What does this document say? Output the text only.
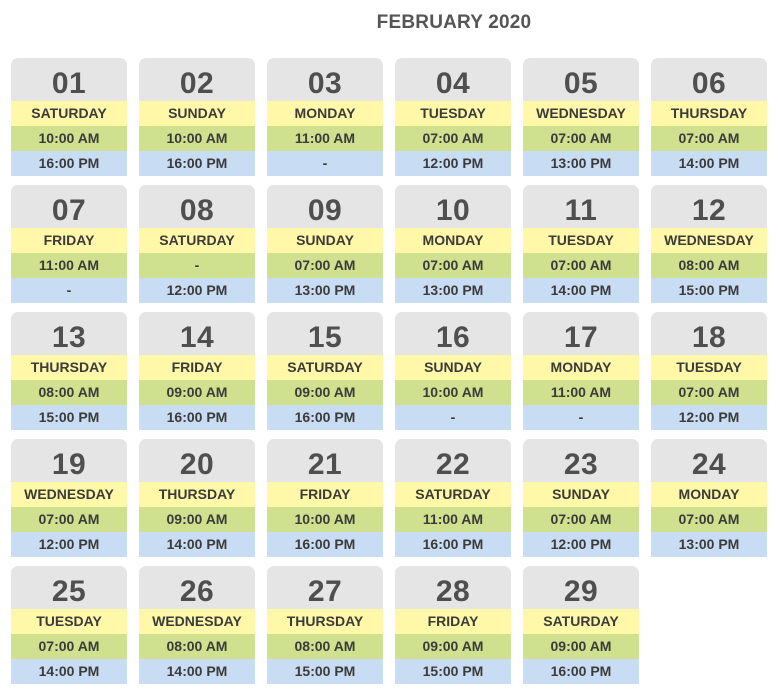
FEBRUARY 2020
01
SATURDAY
10:00 AM
16:00 PM
02
SUNDAY
10:00 AM
16:00 PM
03
MONDAY
11:00 AM
-
04
TUESDAY
07:00 AM
12:00 PM
05
WEDNESDAY
07:00 AM
13:00 PM
06
THURSDAY
07:00 AM
14:00 PM
07
FRIDAY
11:00 AM
-
08
SATURDAY
-
12:00 PM
09
SUNDAY
07:00 AM
13:00 PM
10
MONDAY
07:00 AM
13:00 PM
11
TUESDAY
07:00 AM
14:00 PM
12
WEDNESDAY
08:00 AM
15:00 PM
13
THURSDAY
08:00 AM
15:00 PM
14
FRIDAY
09:00 AM
16:00 PM
15
SATURDAY
09:00 AM
16:00 PM
16
SUNDAY
10:00 AM
-
17
MONDAY
11:00 AM
-
18
TUESDAY
07:00 AM
12:00 PM
19
WEDNESDAY
07:00 AM
12:00 PM
20
THURSDAY
09:00 AM
14:00 PM
21
FRIDAY
10:00 AM
16:00 PM
22
SATURDAY
11:00 AM
16:00 PM
23
SUNDAY
07:00 AM
12:00 PM
24
MONDAY
07:00 AM
13:00 PM
25
TUESDAY
07:00 AM
14:00 PM
26
WEDNESDAY
08:00 AM
14:00 PM
27
THURSDAY
08:00 AM
15:00 PM
28
FRIDAY
09:00 AM
15:00 PM
29
SATURDAY
09:00 AM
16:00 PM
